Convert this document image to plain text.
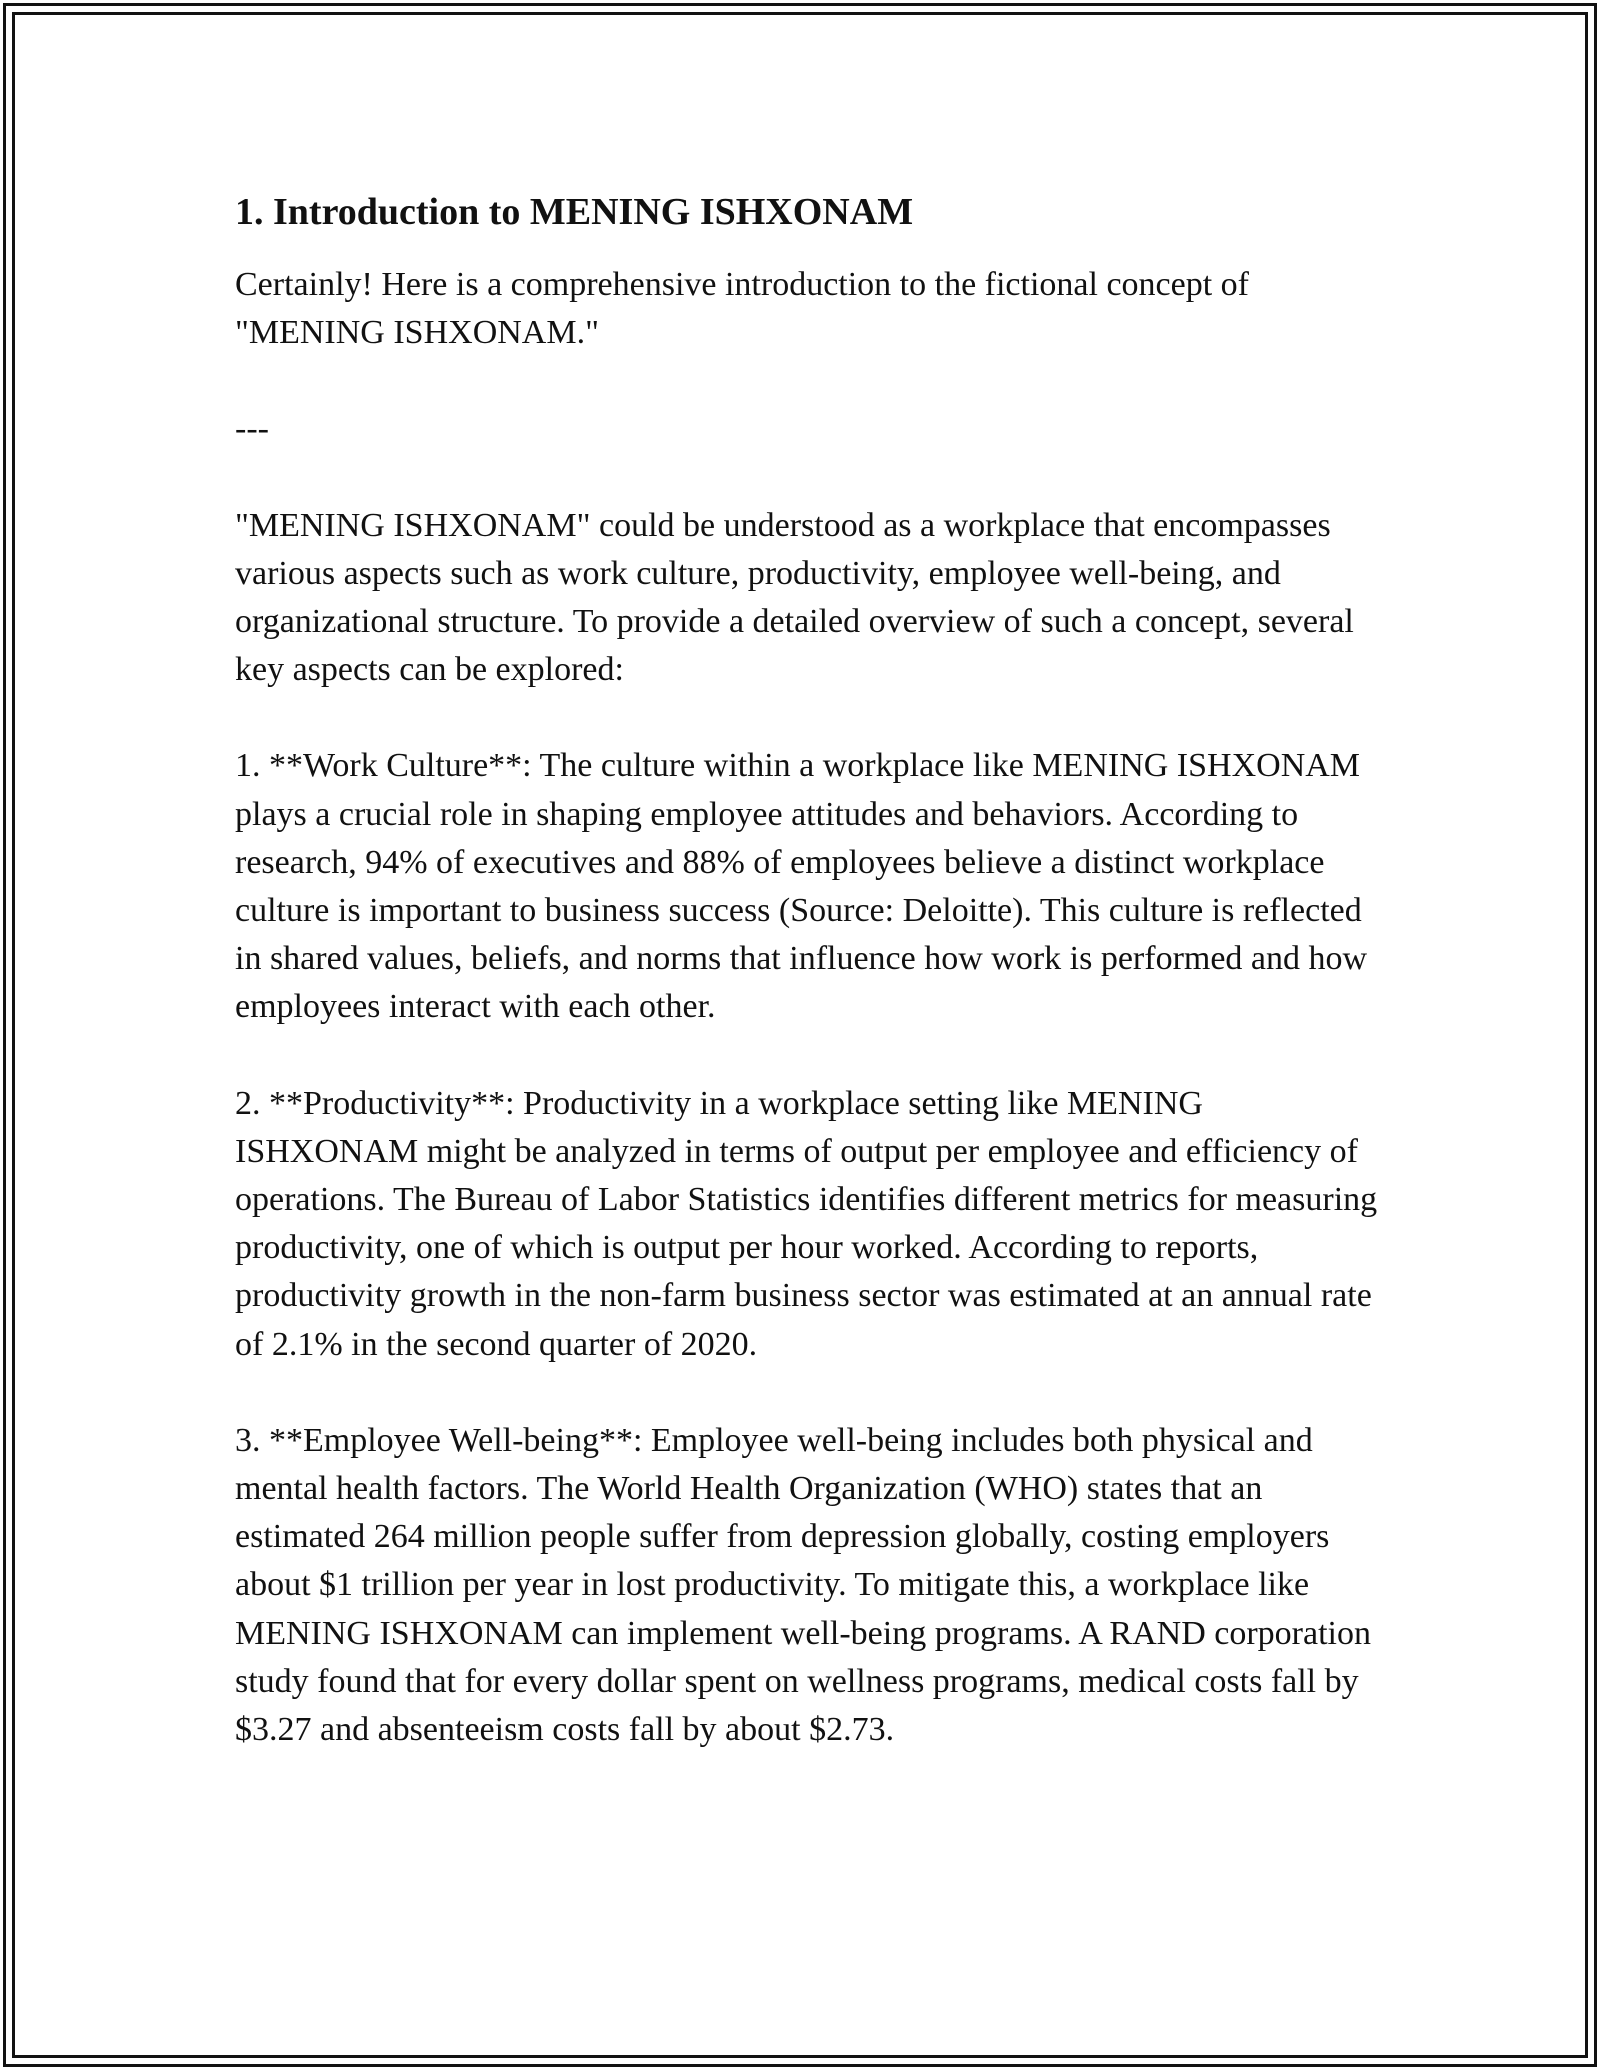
1. Introduction to MENING ISHXONAM

Certainly! Here is a comprehensive introduction to the fictional concept of "MENING ISHXONAM."

---

"MENING ISHXONAM" could be understood as a workplace that encompasses various aspects such as work culture, productivity, employee well-being, and organizational structure. To provide a detailed overview of such a concept, several key aspects can be explored:

1. **Work Culture**: The culture within a workplace like MENING ISHXONAM plays a crucial role in shaping employee attitudes and behaviors. According to research, 94% of executives and 88% of employees believe a distinct workplace culture is important to business success (Source: Deloitte). This culture is reflected in shared values, beliefs, and norms that influence how work is performed and how employees interact with each other.

2. **Productivity**: Productivity in a workplace setting like MENING ISHXONAM might be analyzed in terms of output per employee and efficiency of operations. The Bureau of Labor Statistics identifies different metrics for measuring productivity, one of which is output per hour worked. According to reports, productivity growth in the non-farm business sector was estimated at an annual rate of 2.1% in the second quarter of 2020.

3. **Employee Well-being**: Employee well-being includes both physical and mental health factors. The World Health Organization (WHO) states that an estimated 264 million people suffer from depression globally, costing employers about $1 trillion per year in lost productivity. To mitigate this, a workplace like MENING ISHXONAM can implement well-being programs. A RAND corporation study found that for every dollar spent on wellness programs, medical costs fall by $3.27 and absenteeism costs fall by about $2.73.
